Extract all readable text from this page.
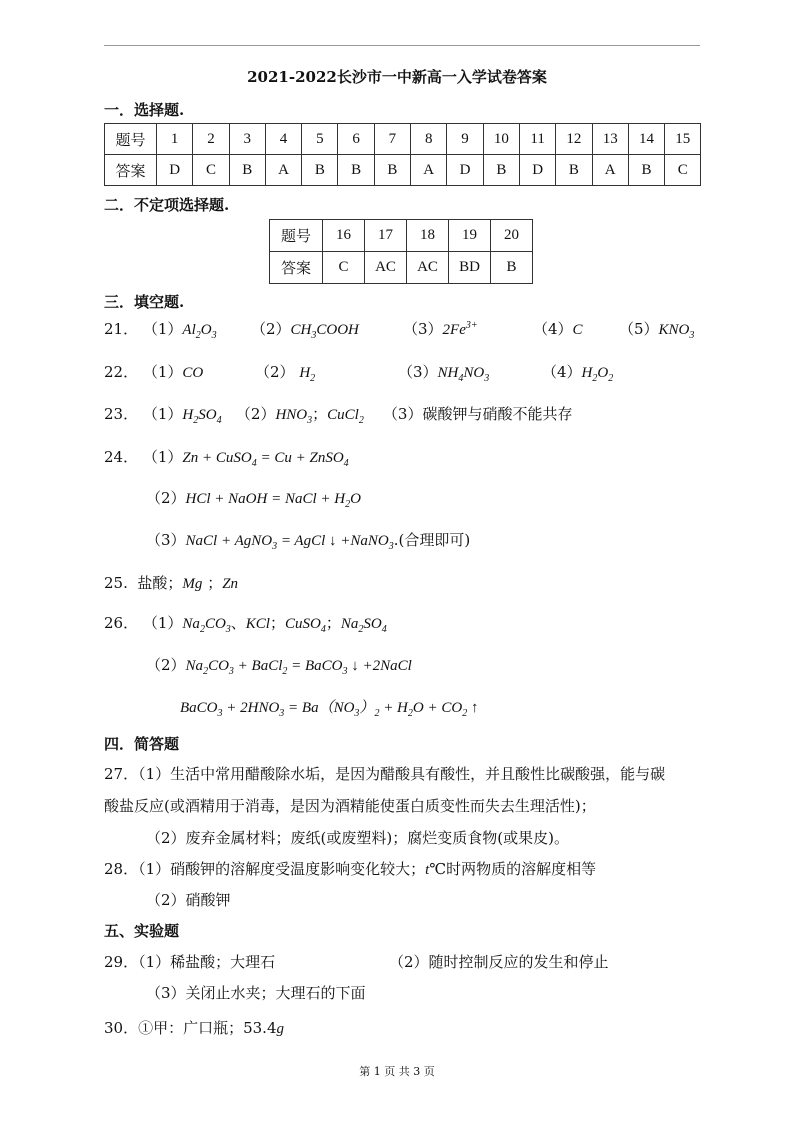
2021-2022长沙市一中新高一入学试卷答案
一．选择题.
题号	1	2	3	4	5	6	7	8	9	10	11	12	13	14	15
答案	D	C	B	A	B	B	B	A	D	B	D	B	A	B	C
二．不定项选择题.
题号	16	17	18	19	20
答案	C	AC	AC	BD	B
三．填空题.
21． $(1)Al_2O_3$ $(2)CH_3COOH$	$(3)2Fe^{3+}$	（4）C $(5)KNO_3$
22． （1）CO	（2） $H_2$	$(3)NH_4NO_3$	$(4)H_2O_2$
23． $(1)H_2SO_4$ $(2)HNO_3$；CuCl$_2$ （3）碳酸钾与硝酸不能共存
24． （1）Zn + CuSO$_4$ = Cu + ZnSO$_4$
（2）HCl + NaOH = NaCl + $H_2O$
（3）NaCl + AgNO$_3$ = AgCl ↓ +NaNO$_3$.(合理即可)
25. 盐酸；Mg ；Zn
26． $(1)Na_2CO_3$、KCl；CuSO$_4$；$Na_2SO_4$
$(2)Na_2CO_3$ + BaCl$_2$ = BaCO$_3$ ↓ +2NaCl
BaCO$_3$ + $2HNO_3 = Ba(NO_3)_2 + H_2O + CO_2$ ↑
四．简答题
27．（1）生活中常用醋酸除水垢，是因为醋酸具有酸性，并且酸性比碳酸强，能与碳
酸盐反应(或酒精用于消毒，是因为酒精能使蛋白质变性而失去生理活性)；
（2）废弃金属材料；废纸(或废塑料)；腐烂变质食物(或果皮)。
28．（1）硝酸钾的溶解度受温度影响变化较大；t℃时两物质的溶解度相等
（2）硝酸钾
五、实验题
29．（1）稀盐酸；大理石	（2）随时控制反应的发生和停止
（3）关闭止水夹；大理石的下面
30．①甲：广口瓶；53.4g
第 1 页 共 3 页
